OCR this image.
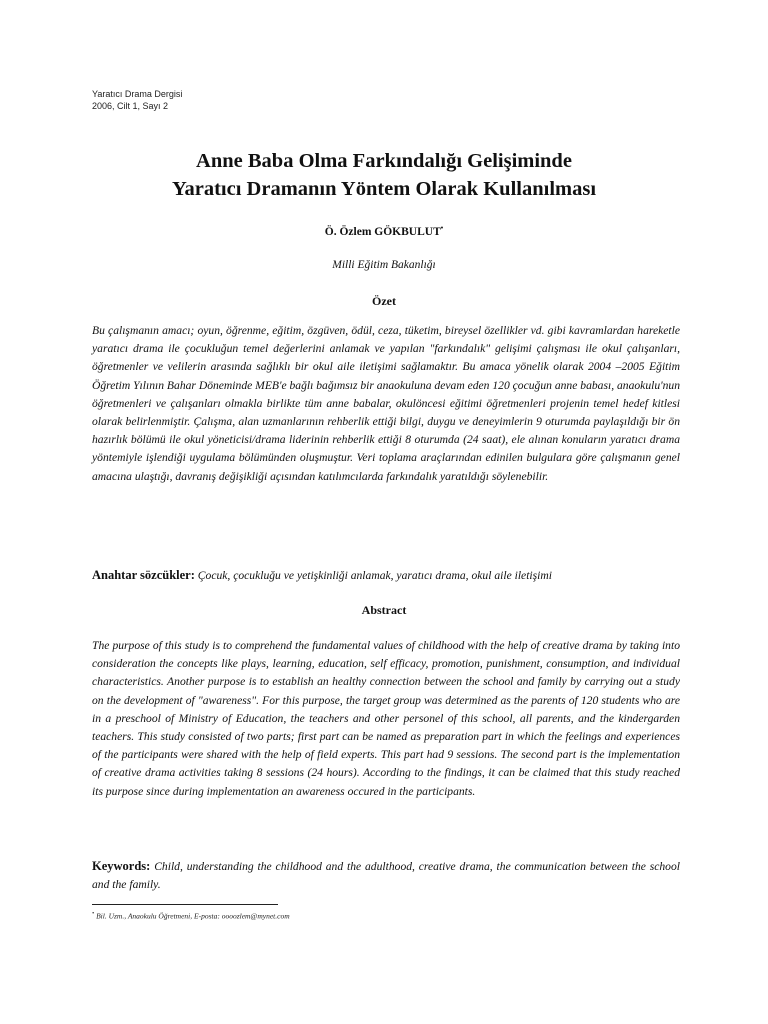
Yaratıcı Drama Dergisi
2006, Cilt 1, Sayı 2
Anne Baba Olma Farkındalığı Gelişiminde
Yaratıcı Dramanın Yöntem Olarak Kullanılması
Ö. Özlem GÖKBULUT•
Milli Eğitim Bakanlığı
Özet
Bu çalışmanın amacı; oyun, öğrenme, eğitim, özgüven, ödül, ceza, tüketim, bireysel özellikler vd. gibi kavramlardan hareketle yaratıcı drama ile çocukluğun temel değerlerini anlamak ve yapılan "farkındalık" gelişimi çalışması ile okul çalışanları, öğretmenler ve velilerin arasında sağlıklı bir okul aile iletişimi sağlamaktır. Bu amaca yönelik olarak 2004 –2005 Eğitim Öğretim Yılının Bahar Döneminde MEB'e bağlı bağımsız bir anaokuluna devam eden 120 çocuğun anne babası, anaokulu'nun öğretmenleri ve çalışanları olmakla birlikte tüm anne babalar, okulöncesi eğitimi öğretmenleri projenin temel hedef kitlesi olarak belirlenmiştir. Çalışma, alan uzmanlarının rehberlik ettiği bilgi, duygu ve deneyimlerin 9 oturumda paylaşıldığı bir ön hazırlık bölümü ile okul yöneticisi/drama liderinin rehberlik ettiği 8 oturumda (24 saat), ele alınan konuların yaratıcı drama yöntemiyle işlendiği uygulama bölümünden oluşmuştur. Veri toplama araçlarından edinilen bulgulara göre çalışmanın genel amacına ulaştığı, davranış değişikliği açısından katılımcılarda farkındalık yaratıldığı söylenebilir.
Anahtar sözcükler: Çocuk, çocukluğu ve yetişkinliği anlamak, yaratıcı drama, okul aile iletişimi
Abstract
The purpose of this study is to comprehend the fundamental values of childhood with the help of creative drama by taking into consideration the concepts like plays, learning, education, self efficacy, promotion, punishment, consumption, and individual characteristics. Another purpose is to establish an healthy connection between the school and family by carrying out a study on the development of "awareness". For this purpose, the target group was determined as the parents of 120 students who are in a preschool of Ministry of Education, the teachers and other personel of this school, all parents, and the kindergarden teachers. This study consisted of two parts; first part can be named as preparation part in which the feelings and experiences of the participants were shared with the help of field experts. This part had 9 sessions. The second part is the implementation of creative drama activities taking 8 sessions (24 hours). According to the findings, it can be claimed that this study reached its purpose since during implementation an awareness occured in the participants.
Keywords: Child, understanding the childhood and the adulthood, creative drama, the communication between the school and the family.
• Bil. Uzm., Anaokulu Öğretmeni, E-posta: oooozlem@mynet.com
